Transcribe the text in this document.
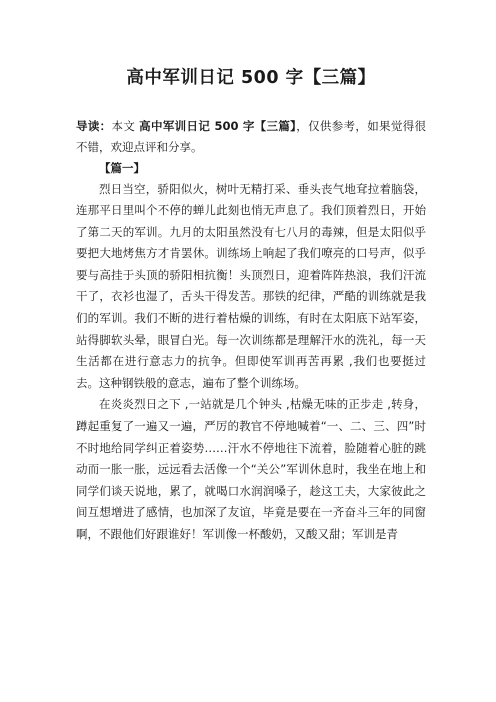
高中军训日记 500 字【三篇】

导读：本文 高中军训日记 500 字【三篇】，仅供参考，如果觉得很不错，欢迎点评和分享。

【篇一】

烈日当空，骄阳似火，树叶无精打采、垂头丧气地耷拉着脑袋，连那平日里叫个不停的蝉儿此刻也悄无声息了。我们顶着烈日，开始了第二天的军训。九月的太阳虽然没有七八月的毒辣，但是太阳似乎要把大地烤焦方才肯罢休。训练场上响起了我们嘹亮的口号声，似乎要与高挂于头顶的骄阳相抗衡！头顶烈日，迎着阵阵热浪，我们汗流干了，衣衫也湿了，舌头干得发苦。那铁的纪律，严酷的训练就是我们的军训。我们不断的进行着枯燥的训练，有时在太阳底下站军姿，站得脚软头晕，眼冒白光。每一次训练都是理解汗水的洗礼，每一天生活都在进行意志力的抗争。但即使军训再苦再累 ,我们也要挺过去。这种钢铁般的意志，遍布了整个训练场。

在炎炎烈日之下 ,一站就是几个钟头 ,枯燥无味的正步走 ,转身，蹲起重复了一遍又一遍，严厉的教官不停地喊着“一、二、三、四”时不时地给同学纠正着姿势……汗水不停地往下流着，脸随着心脏的跳动而一胀一胀，远远看去活像一个“关公”军训休息时，我坐在地上和同学们谈天说地，累了，就喝口水润润嗓子，趁这工夫，大家彼此之间互想增进了感情，也加深了友谊，毕竟是要在一齐奋斗三年的同窗啊，不跟他们好跟谁好！军训像一杯酸奶，又酸又甜；军训是青
